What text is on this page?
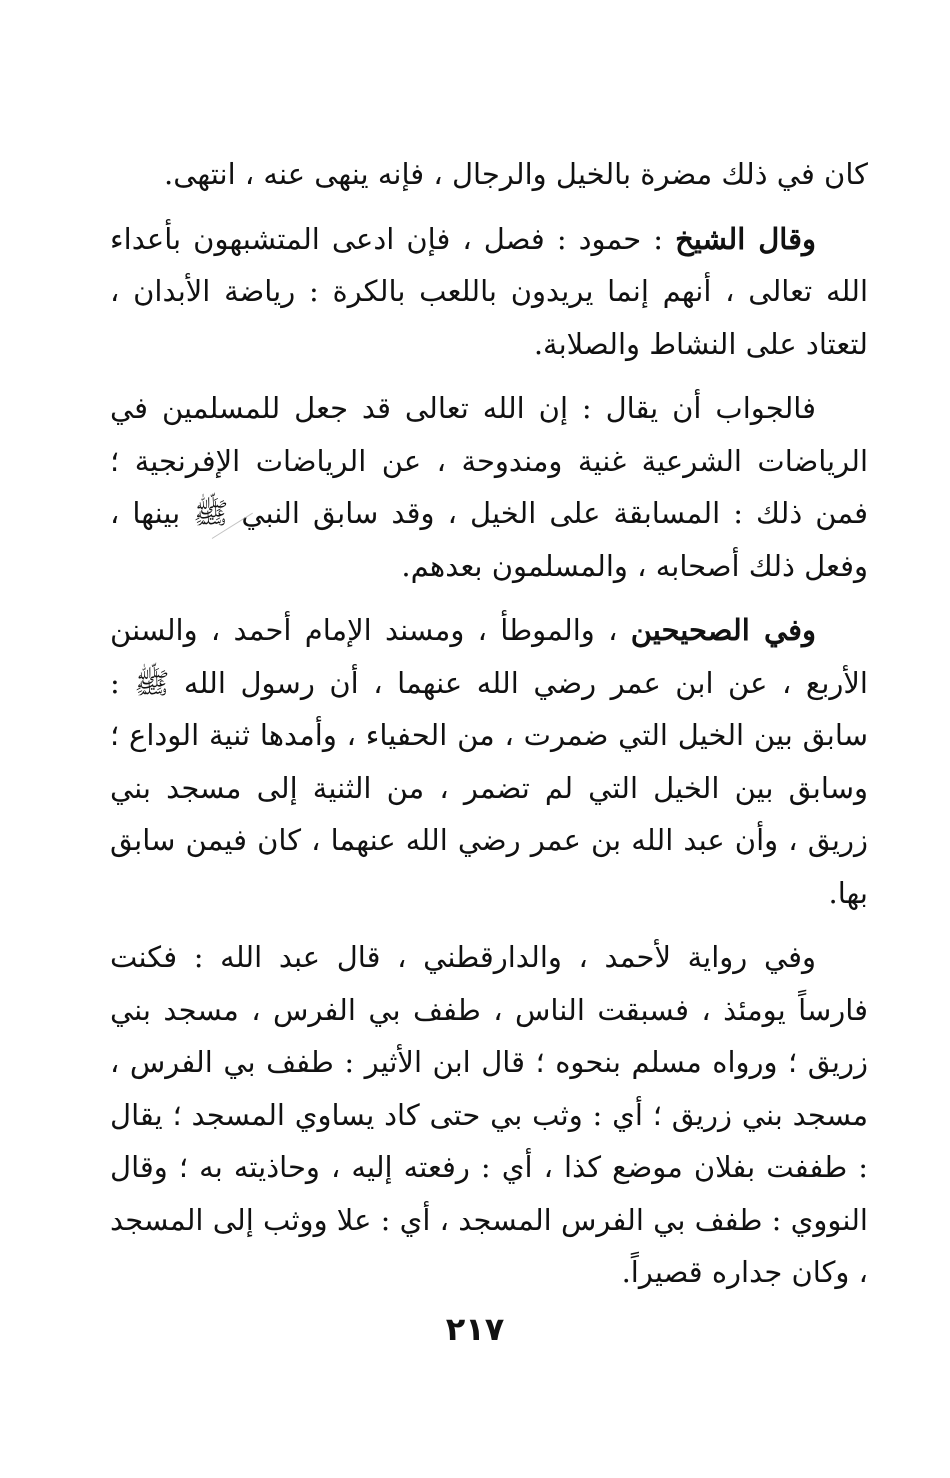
كان في ذلك مضرة بالخيل والرجال ، فإنه ينهى عنه ، انتهى.

وقال الشيخ : حمود : فصل ، فإن ادعى المتشبهون بأعداء الله تعالى ، أنهم إنما يريدون باللعب بالكرة : رياضة الأبدان ، لتعتاد على النشاط والصلابة.

فالجواب أن يقال : إن الله تعالى قد جعل للمسلمين في الرياضات الشرعية غنية ومندوحة ، عن الرياضات الإفرنجية ؛ فمن ذلك : المسابقة على الخيل ، وقد سابق النبي ﷺ بينها ، وفعل ذلك أصحابه ، والمسلمون بعدهم.

وفي الصحيحين ، والموطأ ، ومسند الإمام أحمد ، والسنن الأربع ، عن ابن عمر رضي الله عنهما ، أن رسول الله ﷺ : سابق بين الخيل التي ضمرت ، من الحفياء ، وأمدها ثنية الوداع ؛ وسابق بين الخيل التي لم تضمر ، من الثنية إلى مسجد بني زريق ، وأن عبد الله بن عمر رضي الله عنهما ، كان فيمن سابق بها.

وفي رواية لأحمد ، والدارقطني ، قال عبد الله : فكنت فارساً يومئذ ، فسبقت الناس ، طفف بي الفرس ، مسجد بني زريق ؛ ورواه مسلم بنحوه ؛ قال ابن الأثير : طفف بي الفرس ، مسجد بني زريق ؛ أي : وثب بي حتى كاد يساوي المسجد ؛ يقال : طففت بفلان موضع كذا ، أي : رفعته إليه ، وحاذيته به ؛ وقال النووي : طفف بي الفرس المسجد ، أي : علا ووثب إلى المسجد ، وكان جداره قصيراً.

٢١٧
